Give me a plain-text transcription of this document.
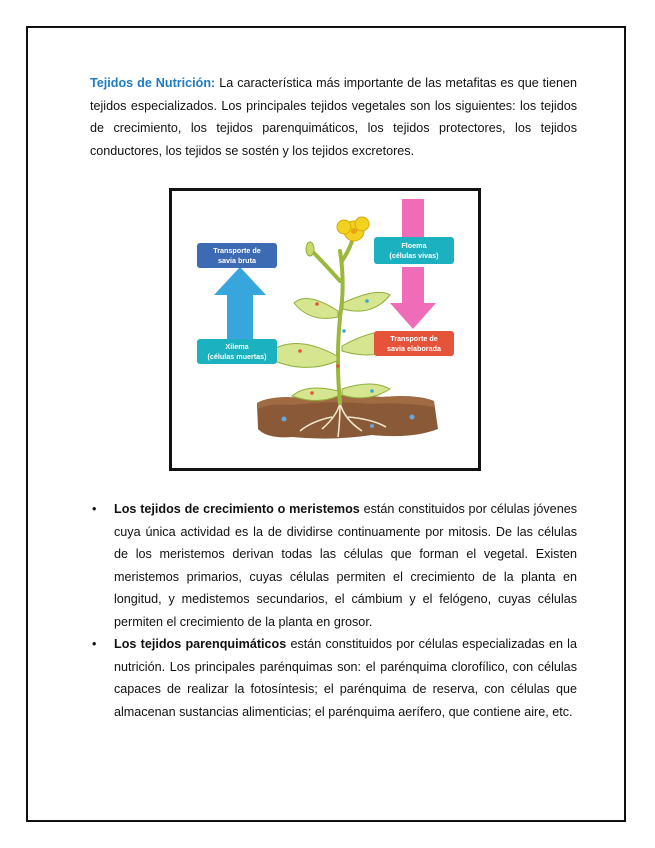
Tejidos de Nutrición: La característica más importante de las metafitas es que tienen tejidos especializados. Los principales tejidos vegetales son los siguientes: los tejidos de crecimiento, los tejidos parenquimáticos, los tejidos protectores, los tejidos conductores, los tejidos se sostén y los tejidos excretores.

Transporte de
savia bruta
Xilema
(células muertas)
Floema
(células vivas)
Transporte de
savia elaborada
• Los tejidos de crecimiento o meristemos están constituidos por células jóvenes cuya única actividad es la de dividirse continuamente por mitosis. De las células de los meristemos derivan todas las células que forman el vegetal. Existen meristemos primarios, cuyas células permiten el crecimiento de la planta en longitud, y medistemos secundarios, el cámbium y el felógeno, cuyas células permiten el crecimiento de la planta en grosor.
• Los tejidos parenquimáticos están constituidos por células especializadas en la nutrición. Los principales parénquimas son: el parénquima clorofílico, con células capaces de realizar la fotosíntesis; el parénquima de reserva, con células que almacenan sustancias alimenticias; el parénquima aerífero, que contiene aire, etc.
